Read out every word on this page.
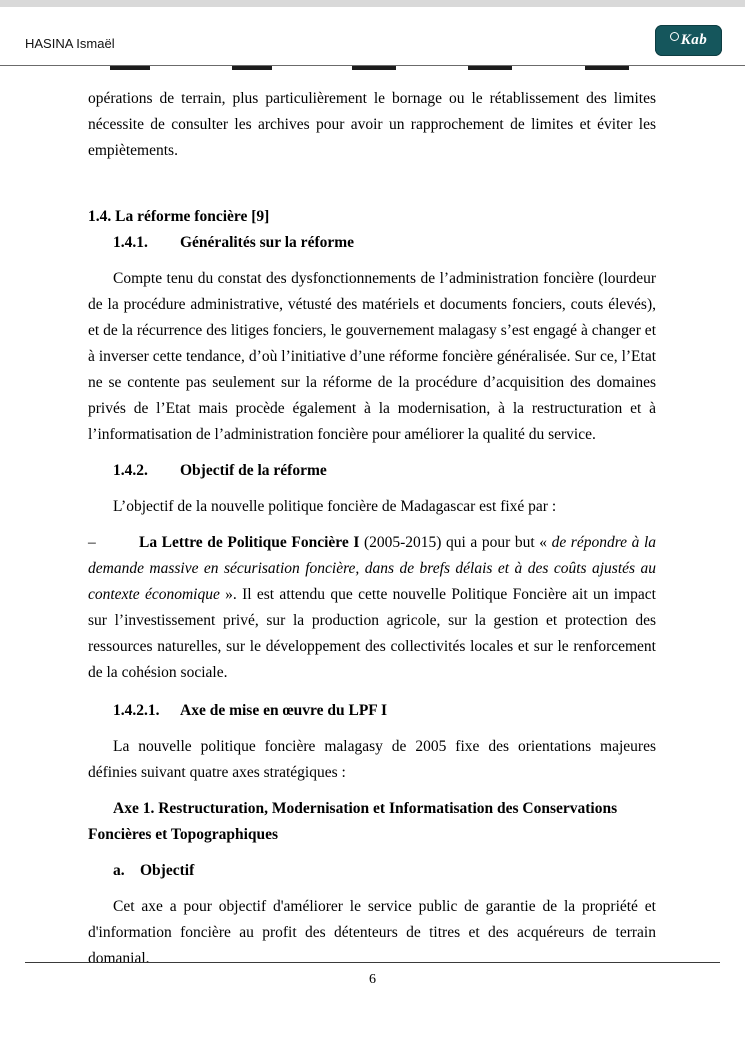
HASINA Ismaël	Kab

opérations de terrain, plus particulièrement le bornage ou le rétablissement des limites nécessite de consulter les archives pour avoir un rapprochement de limites et éviter les empiètements.

1.4. La réforme foncière [9]
1.4.1. Généralités sur la réforme

Compte tenu du constat des dysfonctionnements de l’administration foncière (lourdeur de la procédure administrative, vétusté des matériels et documents fonciers, couts élevés), et de la récurrence des litiges fonciers, le gouvernement malagasy s’est engagé à changer et à inverser cette tendance, d’où l’initiative d’une réforme foncière généralisée. Sur ce, l’Etat ne se contente pas seulement sur la réforme de la procédure d’acquisition des domaines privés de l’Etat mais procède également à la modernisation, à la restructuration et à l’informatisation de l’administration foncière pour améliorer la qualité du service.

1.4.2. Objectif de la réforme

L’objectif de la nouvelle politique foncière de Madagascar est fixé par :

–	La Lettre de Politique Foncière I (2005-2015) qui a pour but « de répondre à la demande massive en sécurisation foncière, dans de brefs délais et à des coûts ajustés au contexte économique ». Il est attendu que cette nouvelle Politique Foncière ait un impact sur l’investissement privé, sur la production agricole, sur la gestion et protection des ressources naturelles, sur le développement des collectivités locales et sur le renforcement de la cohésion sociale.

1.4.2.1. Axe de mise en œuvre du LPF I

La nouvelle politique foncière malagasy de 2005 fixe des orientations majeures définies suivant quatre axes stratégiques :

Axe 1. Restructuration, Modernisation et Informatisation des Conservations Foncières et Topographiques

a. Objectif

Cet axe a pour objectif d'améliorer le service public de garantie de la propriété et d'information foncière au profit des détenteurs de titres et des acquéreurs de terrain domanial.

6
